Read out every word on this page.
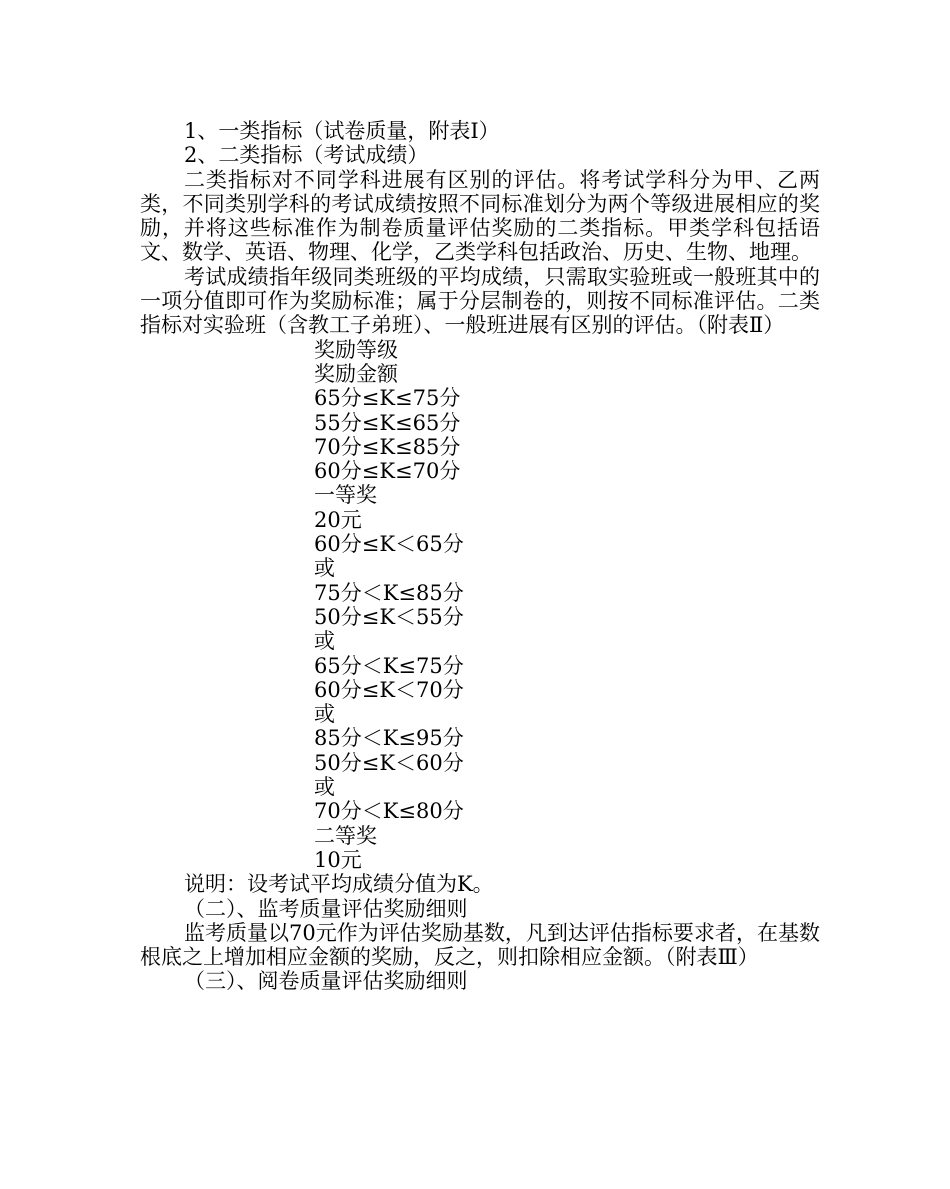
1、一类指标（试卷质量，附表Ⅰ）

2、二类指标（考试成绩）

二类指标对不同学科进展有区别的评估。将考试学科分为甲、乙两类，不同类别学科的考试成绩按照不同标准划分为两个等级进展相应的奖励，并将这些标准作为制卷质量评估奖励的二类指标。甲类学科包括语文、数学、英语、物理、化学，乙类学科包括政治、历史、生物、地理。

考试成绩指年级同类班级的平均成绩，只需取实验班或一般班其中的一项分值即可作为奖励标准；属于分层制卷的，则按不同标准评估。二类指标对实验班（含教工子弟班）、一般班进展有区别的评估。（附表Ⅱ）

奖励等级
奖励金额
65分≤K≤75分
55分≤K≤65分
70分≤K≤85分
60分≤K≤70分
一等奖
20元
60分≤K＜65分
或
75分＜K≤85分
50分≤K＜55分
或
65分＜K≤75分
60分≤K＜70分
或
85分＜K≤95分
50分≤K＜60分
或
70分＜K≤80分
二等奖
10元

说明：设考试平均成绩分值为K。

（二）、监考质量评估奖励细则

监考质量以70元作为评估奖励基数，凡到达评估指标要求者，在基数根底之上增加相应金额的奖励，反之，则扣除相应金额。（附表Ⅲ）

（三）、阅卷质量评估奖励细则
